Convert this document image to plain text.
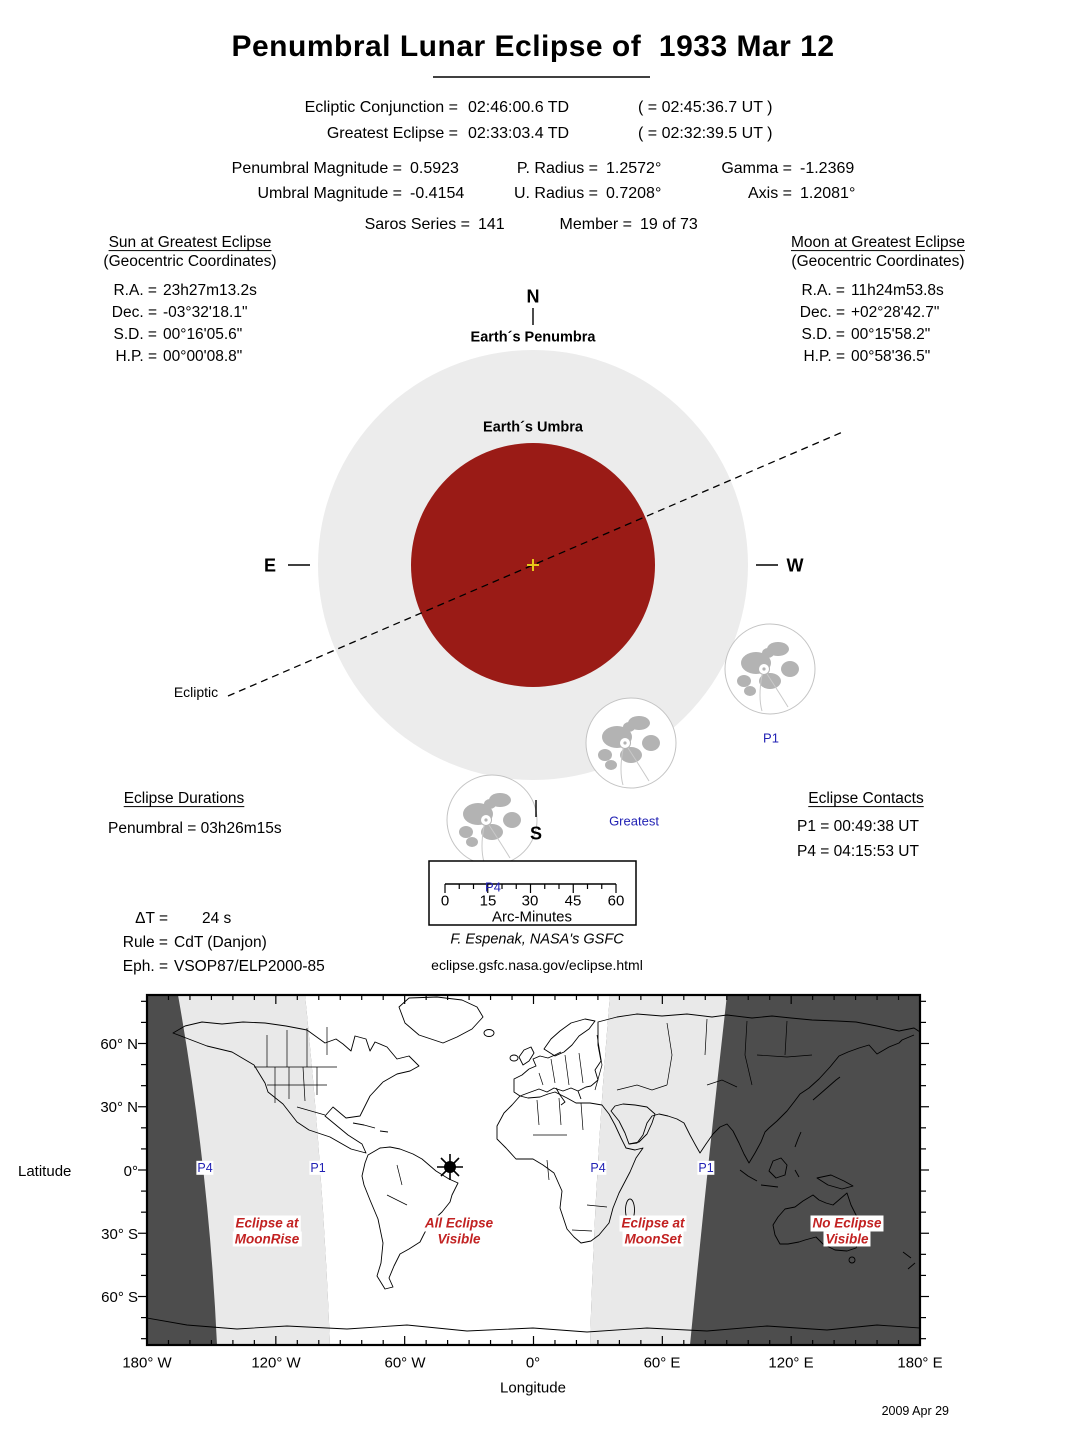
Penumbral Lunar Eclipse of  1933 Mar 12
Ecliptic Conjunction = 02:46:00.6 TD	( = 02:45:36.7 UT )
Greatest Eclipse = 02:33:03.4 TD	( = 02:32:39.5 UT )
Penumbral Magnitude = 0.5923	P. Radius = 1.2572°	Gamma = -1.2369
Umbral Magnitude = -0.4154	U. Radius = 0.7208°	Axis = 1.2081°
Saros Series = 141	Member = 19 of 73
Sun at Greatest Eclipse
(Geocentric Coordinates)
R.A. = 23h27m13.2s
Dec. = -03°32'18.1"
S.D. = 00°16'05.6"
H.P. = 00°00'08.8"
Moon at Greatest Eclipse
(Geocentric Coordinates)
R.A. = 11h24m53.8s
Dec. = +02°28'42.7"
S.D. = 00°15'58.2"
H.P. = 00°58'36.5"
N
Earth´s Penumbra
Earth´s Umbra
E	W
Ecliptic
S
P1
Greatest
P4
Eclipse Durations
Penumbral = 03h26m15s
Eclipse Contacts
P1 = 00:49:38 UT
P4 = 04:15:53 UT
0 15 30 45 60
Arc-Minutes
ΔT = 24 s
Rule = CdT (Danjon)
Eph. = VSOP87/ELP2000-85
F. Espenak, NASA's GSFC
eclipse.gsfc.nasa.gov/eclipse.html
Latitude
60° N
30° N
0°
30° S
60° S
180° W	120° W	60° W	0°	60° E	120° E	180° E
Longitude
Eclipse at
MoonRise
All Eclipse
Visible
Eclipse at
MoonSet
No Eclipse
Visible
P4	P1	P4	P1
2009 Apr 29
